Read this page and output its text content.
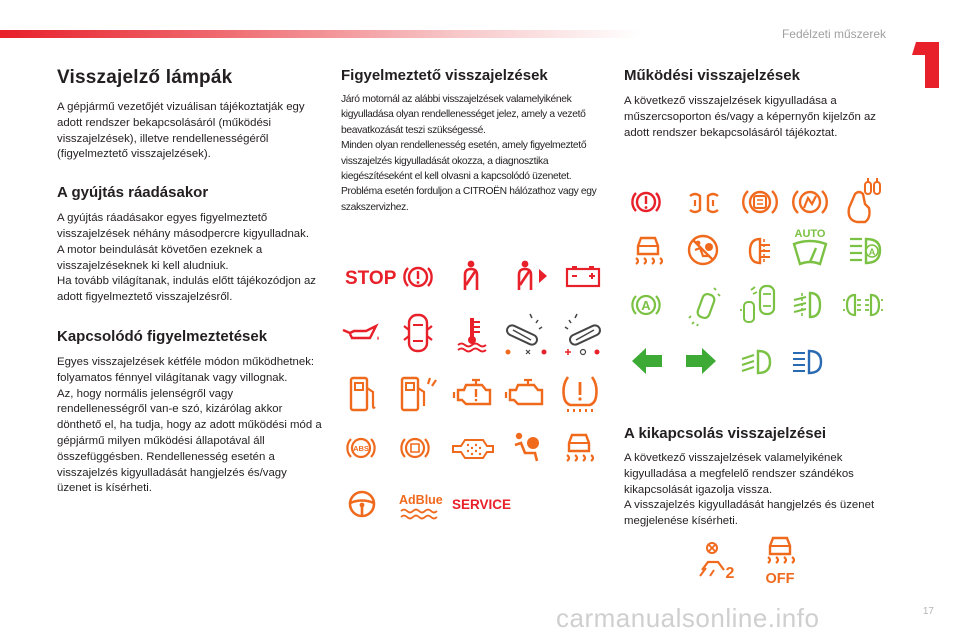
Fedélzeti műszerek
1
Visszajelző lámpák

A gépjármű vezetőjét vizuálisan tájékoztatják egy adott rendszer bekapcsolásáról (működési visszajelzések), illetve rendellenességéről (figyelmeztető visszajelzések).

A gyújtás ráadásakor

A gyújtás ráadásakor egyes figyelmeztető visszajelzések néhány másodpercre kigyulladnak.

A motor beindulását követően ezeknek a visszajelzéseknek ki kell aludniuk.

Ha tovább világítanak, indulás előtt tájékozódjon az adott figyelmeztető visszajelzésről.

Kapcsolódó figyelmeztetések

Egyes visszajelzések kétféle módon működhetnek: folyamatos fénnyel világítanak vagy villognak.

Az, hogy normális jelenségről vagy rendellenességről van-e szó, kizárólag akkor dönthető el, ha tudja, hogy az adott működési mód a gépjármű milyen működési állapotával áll összefüggésben. Rendellenesség esetén a visszajelzés kigyulladását hangjelzés és/vagy üzenet is kísérheti.

Figyelmeztető visszajelzések

Járó motornál az alábbi visszajelzések valamelyikének kigyulladása olyan rendellenességet jelez, amely a vezető beavatkozását teszi szükségessé.

Minden olyan rendellenesség esetén, amely figyelmeztető visszajelzés kigyulladását okozza, a diagnosztika kiegészítéseként el kell olvasni a kapcsolódó üzenetet.

Probléma esetén forduljon a CITROËN hálózathoz vagy egy szakszervizhez.

Működési visszajelzések

A következő visszajelzések kigyulladása a műszercsoporton és/vagy a képernyőn kijelzőn az adott rendszer bekapcsolásáról tájékoztat.

A kikapcsolás visszajelzései

A következő visszajelzések valamelyikének kigyulladása a megfelelő rendszer szándékos kikapcsolását igazolja vissza.

A visszajelzés kigyulladását hangjelzés és üzenet megjelenése kísérheti.

STOP
ABS
AdBlue SERVICE
AUTO
A
A
2 OFF
carmanualsonline.info	17
